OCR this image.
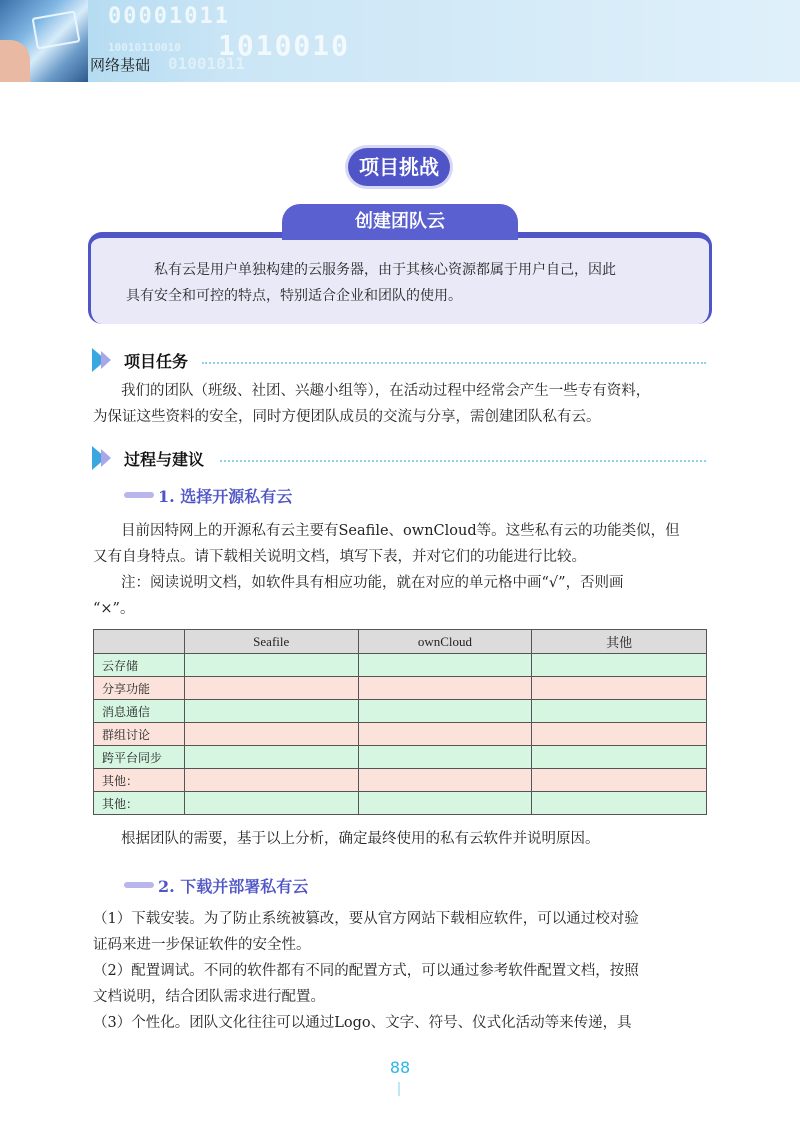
00001011
1010010
10010110010
01001011
网络基础
项目挑战
创建团队云
私有云是用户单独构建的云服务器，由于其核心资源都属于用户自己，因此
具有安全和可控的特点，特别适合企业和团队的使用。
项目任务
我们的团队（班级、社团、兴趣小组等），在活动过程中经常会产生一些专有资料，
为保证这些资料的安全，同时方便团队成员的交流与分享，需创建团队私有云。
过程与建议
1. 选择开源私有云
目前因特网上的开源私有云主要有Seafile、ownCloud等。这些私有云的功能类似，但
又有自身特点。请下载相关说明文档，填写下表，并对它们的功能进行比较。
注：阅读说明文档，如软件具有相应功能，就在对应的单元格中画“√”，否则画
“×”。
	Seafile	ownCloud	其他
云存储			
分享功能			
消息通信			
群组讨论			
跨平台同步			
其他：			
其他：			
根据团队的需要，基于以上分析，确定最终使用的私有云软件并说明原因。
2. 下载并部署私有云
（1）下载安装。为了防止系统被篡改，要从官方网站下载相应软件，可以通过校对验
证码来进一步保证软件的安全性。
（2）配置调试。不同的软件都有不同的配置方式，可以通过参考软件配置文档，按照
文档说明，结合团队需求进行配置。
（3）个性化。团队文化往往可以通过Logo、文字、符号、仪式化活动等来传递，具
88
